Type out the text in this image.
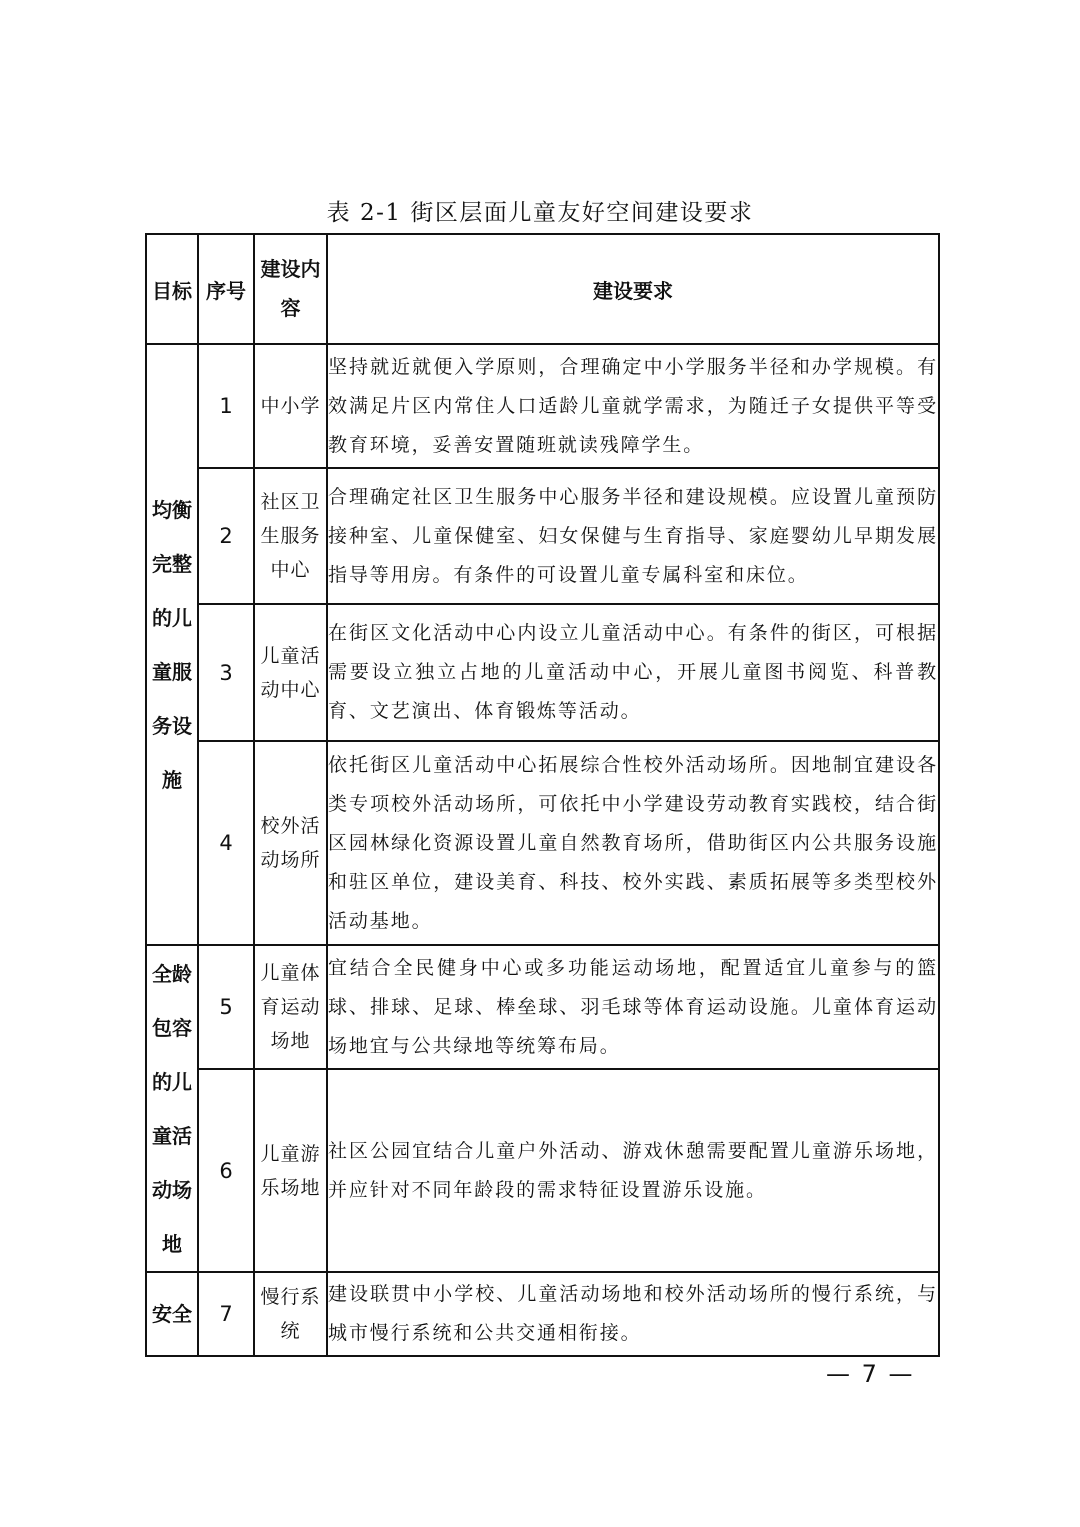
表 2-1 街区层面儿童友好空间建设要求
目标	序号	建设内容	建设要求

均衡完整的儿童服务设施	1	中小学	坚持就近就便入学原则，合理确定中小学服务半径和办学规模。有效满足片区内常住人口适龄儿童就学需求，为随迁子女提供平等受教育环境，妥善安置随班就读残障学生。
	2	社区卫生服务中心	合理确定社区卫生服务中心服务半径和建设规模。应设置儿童预防接种室、儿童保健室、妇女保健与生育指导、家庭婴幼儿早期发展指导等用房。有条件的可设置儿童专属科室和床位。
	3	儿童活动中心	在街区文化活动中心内设立儿童活动中心。有条件的街区，可根据需要设立独立占地的儿童活动中心，开展儿童图书阅览、科普教育、文艺演出、体育锻炼等活动。
	4	校外活动场所	依托街区儿童活动中心拓展综合性校外活动场所。因地制宜建设各类专项校外活动场所，可依托中小学建设劳动教育实践校，结合街区园林绿化资源设置儿童自然教育场所，借助街区内公共服务设施和驻区单位，建设美育、科技、校外实践、素质拓展等多类型校外活动基地。

全龄包容的儿童活动场地	5	儿童体育运动场地	宜结合全民健身中心或多功能运动场地，配置适宜儿童参与的篮球、排球、足球、棒垒球、羽毛球等体育运动设施。儿童体育运动场地宜与公共绿地等统筹布局。
	6	儿童游乐场地	社区公园宜结合儿童户外活动、游戏休憩需要配置儿童游乐场地，并应针对不同年龄段的需求特征设置游乐设施。

安全	7	慢行系统	建设联贯中小学校、儿童活动场地和校外活动场所的慢行系统，与城市慢行系统和公共交通相衔接。
— 7 —
